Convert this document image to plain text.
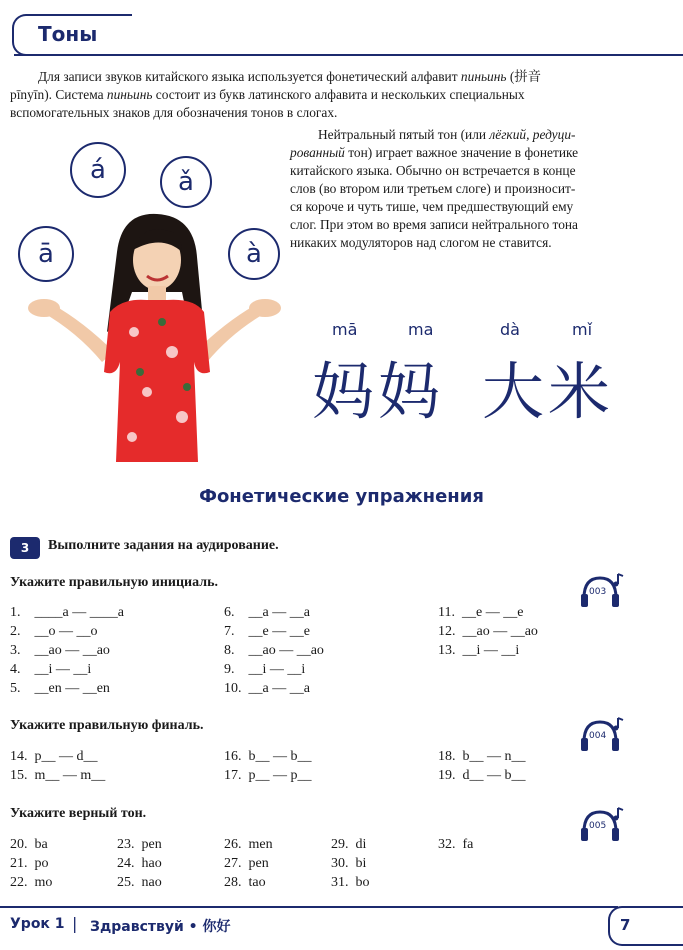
Тоны
Для записи звуков китайского языка используется фонетический алфавит пиньинь (拼音
pīnyīn). Система пиньинь состоит из букв латинского алфавита и нескольких специальных
вспомогательных знаков для обозначения тонов в слогах.
Нейтральный пятый тон (или лёгкий, редуци-
рованный тон) играет важное значение в фонетике
китайского языка. Обычно он встречается в конце
слов (во втором или третьем слоге) и произносит-
ся короче и чуть тише, чем предшествующий ему
слог. При этом во время записи нейтрального тона
никаких модуляторов над слогом не ставится.
á	ǎ
ā	à
mā	ma	dà	mǐ
妈妈 大米
Фонетические упражнения
3	Выполните задания на аудирование.
Укажите правильную инициаль.
003
1.    ____a — ____a
2.    __o — __o
3.    __ao — __ao
4.    __i — __i
5.    __en — __en
6.    __a — __a
7.    __e — __e
8.    __ao — __ao
9.    __i — __i
10.  __a — __a
11.  __e — __e
12.  __ao — __ao
13.  __i — __i
Укажите правильную финаль.
004
14.  p__ — d__
15.  m__ — m__
16.  b__ — b__
17.  p__ — p__
18.  b__ — n__
19.  d__ — b__
Укажите верный тон.
005
20.  ba
21.  po
22.  mo
23.  pen
24.  hao
25.  nao
26.  men
27.  pen
28.  tao
29.  di
30.  bi
31.  bo
32.  fa
Урок 1 | Здравствуй • 你好	7
